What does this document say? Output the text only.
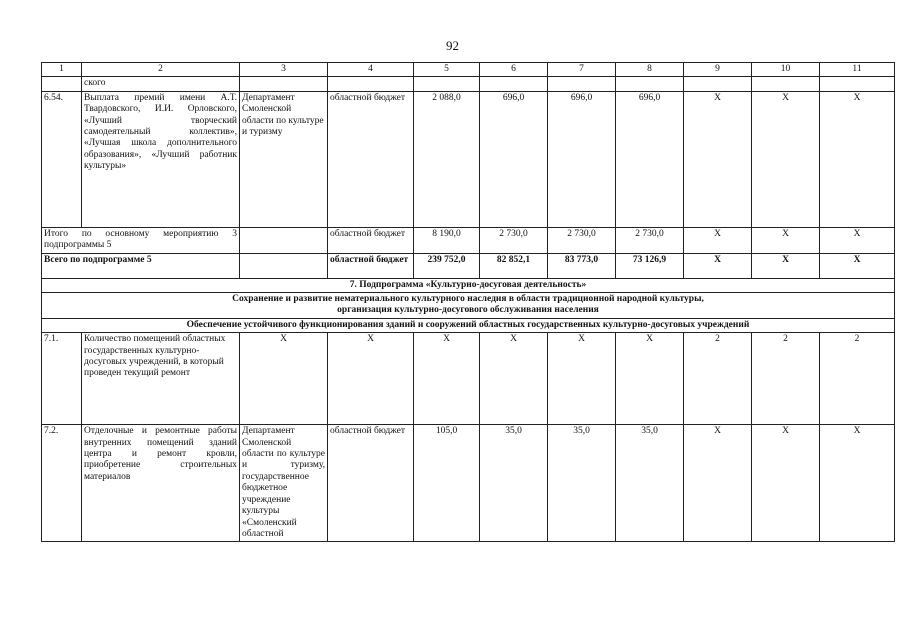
92
1	2	3	4	5	6	7	8	9	10	11
	ского									
6.54.	Выплата премий имени А.Т. Твардовского, И.И. Орловского, «Лучший творческий самодеятельный коллектив», «Лучшая школа дополнительного образования», «Лучший работник культуры»	Департамент Смоленской области по культуре и туризму	областной бюджет	2 088,0	696,0	696,0	696,0	Х	Х	Х
Итого по основному мероприятию 3 подпрограммы 5			областной бюджет	8 190,0	2 730,0	2 730,0	2 730,0	Х	Х	Х
Всего по подпрограмме 5			областной бюджет	239 752,0	82 852,1	83 773,0	73 126,9	Х	Х	Х
7. Подпрограмма «Культурно-досуговая деятельность»										

Сохранение и развитие нематериального культурного наследия в области традиционной народной культуры,
организация культурно-досугового обслуживания населения										

Обеспечение устойчивого функционирования зданий и сооружений областных государственных культурно-досуговых учреждений										
7.1.	Количество помещений областных государственных культурно-досуговых учреждений, в который проведен текущий ремонт	Х	Х	Х	Х	Х	Х	2	2	2
7.2.	Отделочные и ремонтные работы внутренних помещений зданий центра и ремонт кровли, приобретение строительных материалов	Департамент Смоленской области по культуре и туризму, государственное бюджетное учреждение культуры «Смоленский областной	областной бюджет	105,0	35,0	35,0	35,0	Х	Х	Х
